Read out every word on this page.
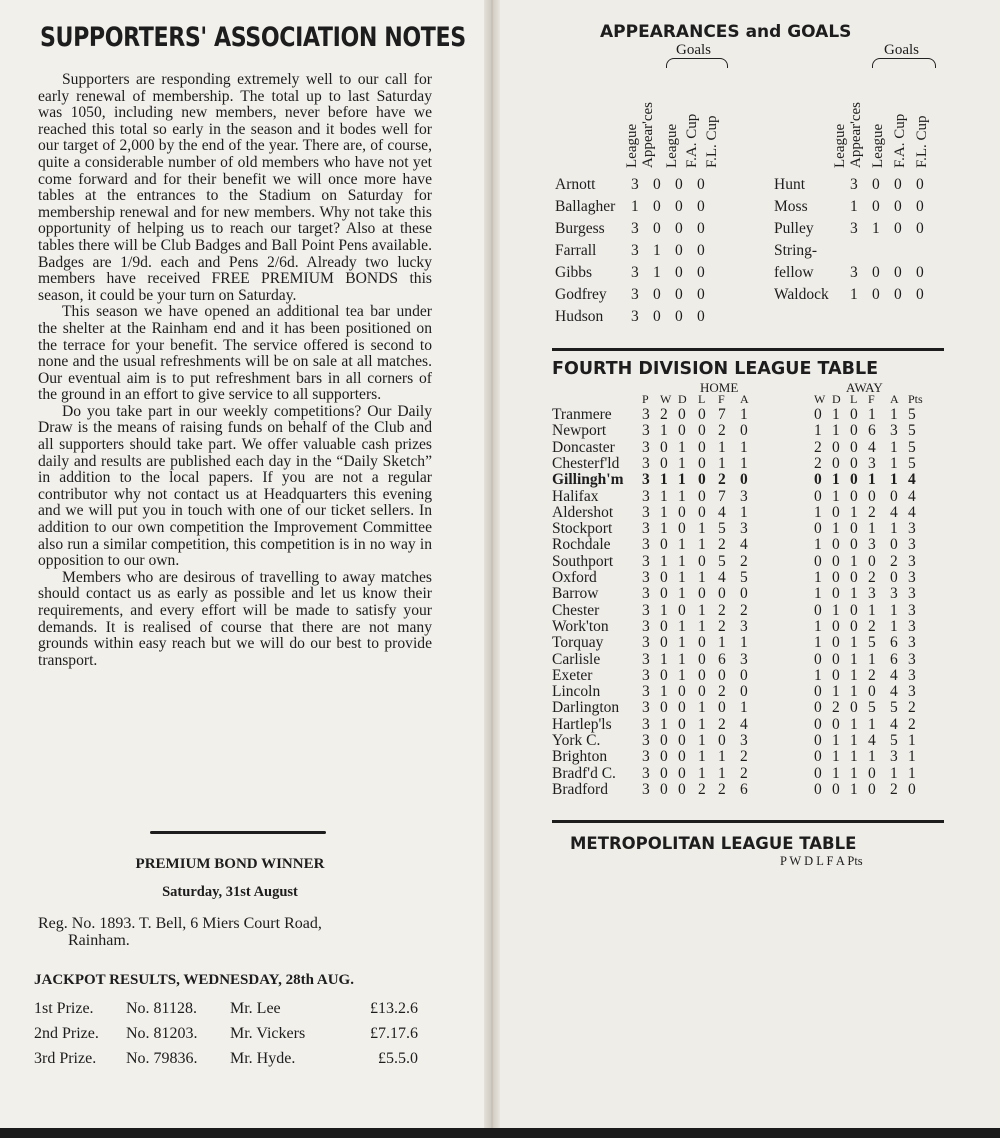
SUPPORTERS' ASSOCIATION NOTES

Supporters are responding extremely well to our call for early renewal of membership. The total up to last Saturday was 1050, including new members, never before have we reached this total so early in the season and it bodes well for our target of 2,000 by the end of the year. There are, of course, quite a considerable number of old members who have not yet come forward and for their benefit we will once more have tables at the entrances to the Stadium on Saturday for membership renewal and for new members. Why not take this opportunity of helping us to reach our target? Also at these tables there will be Club Badges and Ball Point Pens available. Badges are 1/9d. each and Pens 2/6d. Already two lucky members have received FREE PREMIUM BONDS this season, it could be your turn on Saturday.

This season we have opened an additional tea bar under the shelter at the Rainham end and it has been positioned on the terrace for your benefit. The service offered is second to none and the usual refreshments will be on sale at all matches. Our eventual aim is to put refreshment bars in all corners of the ground in an effort to give service to all supporters.

Do you take part in our weekly competitions? Our Daily Draw is the means of raising funds on behalf of the Club and all supporters should take part. We offer valuable cash prizes daily and results are published each day in the “Daily Sketch” in addition to the local papers. If you are not a regular contributor why not contact us at Headquarters this evening and we will put you in touch with one of our ticket sellers. In addition to our own competition the Improvement Committee also run a similar competition, this competition is in no way in opposition to our own.

Members who are desirous of travelling to away matches should contact us as early as possible and let us know their requirements, and every effort will be made to satisfy your demands. It is realised of course that there are not many grounds within easy reach but we will do our best to provide transport.

PREMIUM BOND WINNER
Saturday, 31st August
Reg. No. 1893. T. Bell, 6 Miers Court Road,
Rainham.
JACKPOT RESULTS, WEDNESDAY, 28th AUG.
1st Prize. No. 81128. Mr. Lee	£13.2.6
2nd Prize. No. 81203. Mr. Vickers	£7.17.6
3rd Prize. No. 79836. Mr. Hyde.	£5.5.0
APPEARANCES and GOALS
Goals	Goals
League Appear'ces League F.A. Cup F.L. Cup	League Appear'ces League F.A. Cup F.L. Cup
Arnott 3 0 0 0
Ballagher 1 0 0 0
Burgess 3 0 0 0
Farrall 3 1 0 0
Gibbs	3 1 0 0
Godfrey 3 0 0 0
Hudson 3 0 0 0
Hunt	3 0 0 0
Moss	1 0 0 0
Pulley 3 1 0 0
String-
fellow 3 0 0 0
Waldock 1 0 0 0
FOURTH DIVISION LEAGUE TABLE
HOME	AWAY
P W D L F A	W D L F A Pts
Tranmere 3 2 0 0 7 1	0 1 0 1 1 5
Newport 3 1 0 0 2 0	1 1 0 6 3 5
Doncaster 3 0 1 0 1 1	2 0 0 4 1 5
Chesterf'ld 3 0 1 0 1 1	2 0 0 3 1 5
Gillingh'm 3 1 1 0 2 0	0 1 0 1 1 4
Halifax	3 1 1 0 7 3	0 1 0 0 0 4
Aldershot 3 1 0 0 4 1	1 0 1 2 4 4
Stockport 3 1 0 1 5 3	0 1 0 1 1 3
Rochdale 3 0 1 1 2 4	1 0 0 3 0 3
Southport 3 1 1 0 5 2	0 0 1 0 2 3
Oxford	3 0 1 1 4 5	1 0 0 2 0 3
Barrow	3 0 1 0 0 0	1 0 1 3 3 3
Chester	3 1 0 1 2 2	0 1 0 1 1 3
Work'ton 3 0 1 1 2 3	1 0 0 2 1 3
Torquay 3 0 1 0 1 1	1 0 1 5 6 3
Carlisle	3 1 1 0 6 3	0 0 1 1 6 3
Exeter	3 0 1 0 0 0	1 0 1 2 4 3
Lincoln	3 1 0 0 2 0	0 1 1 0 4 3
Darlington 3 0 0 1 0 1	0 2 0 5 5 2
Hartlep'ls 3 1 0 1 2 4	0 0 1 1 4 2
York C.	3 0 0 1 0 3	0 1 1 4 5 1
Brighton 3 0 0 1 1 2	0 1 1 1 3 1
Bradf'd C. 3 0 0 1 1 2	0 1 1 0 1 1
Bradford 3 0 0 2 2 6	0 0 1 0 2 0
METROPOLITAN LEAGUE TABLE
P W D L F A Pts
